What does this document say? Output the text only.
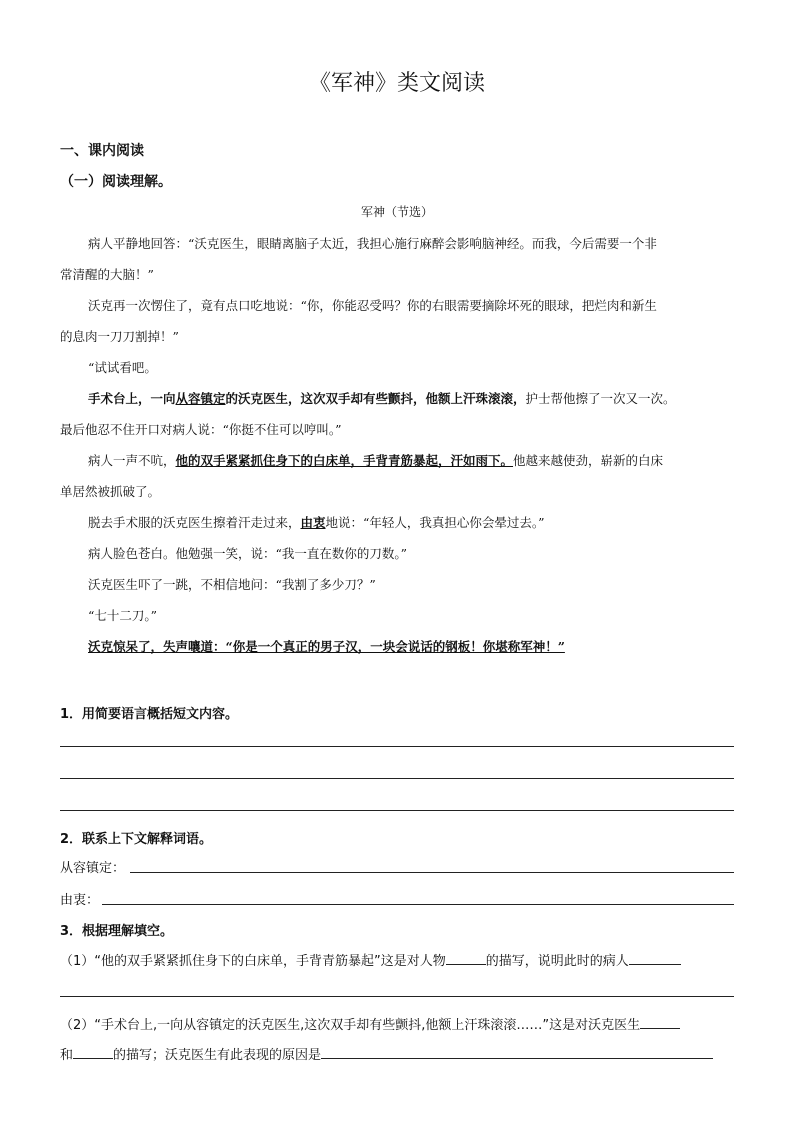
《军神》类文阅读
一、课内阅读
（一）阅读理解。
军神（节选）
病人平静地回答：“沃克医生，眼睛离脑子太近，我担心施行麻醉会影响脑神经。而我，今后需要一个非
常清醒的大脑！”
沃克再一次愣住了，竟有点口吃地说：“你，你能忍受吗？你的右眼需要摘除坏死的眼球，把烂肉和新生
的息肉一刀刀割掉！”
“试试看吧。
手术台上，一向从容镇定的沃克医生，这次双手却有些颤抖，他额上汗珠滚滚，护士帮他擦了一次又一次。
最后他忍不住开口对病人说：“你挺不住可以哼叫。”
病人一声不吭，他的双手紧紧抓住身下的白床单，手背青筋暴起，汗如雨下。他越来越使劲，崭新的白床
单居然被抓破了。
脱去手术服的沃克医生擦着汗走过来，由衷地说：“年轻人，我真担心你会晕过去。”
病人脸色苍白。他勉强一笑，说：“我一直在数你的刀数。”
沃克医生吓了一跳，不相信地问：“我割了多少刀？”
“七十二刀。”
沃克惊呆了，失声嚷道：“你是一个真正的男子汉，一块会说话的钢板！你堪称军神！”
1．用简要语言概括短文内容。
2．联系上下文解释词语。
从容镇定：
由衷：
3．根据理解填空。
（1）“他的双手紧紧抓住身下的白床单，手背青筋暴起”这是对人物	的描写，说明此时的病人
（2）“手术台上,一向从容镇定的沃克医生,这次双手却有些颤抖,他额上汗珠滚滚……”这是对沃克医生
和	的描写；沃克医生有此表现的原因是
